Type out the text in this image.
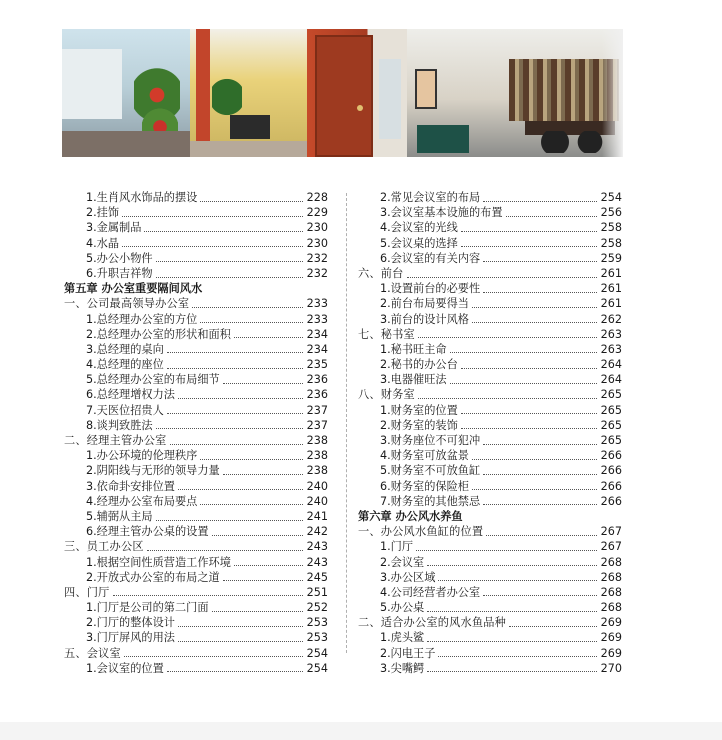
1.生肖风水饰品的摆设	228
2.挂饰	229
3.金属制品	230
4.水晶	230
5.办公小物件	232
6.升职吉祥物	232
第五章 办公室重要隔间风水
一、公司最高领导办公室	233
1.总经理办公室的方位	233
2.总经理办公室的形状和面积	234
3.总经理的桌向	234
4.总经理的座位	235
5.总经理办公室的布局细节	236
6.总经理增权力法	236
7.天医位招贵人	237
8.谈判致胜法	237
二、经理主管办公室	238
1.办公环境的伦理秩序	238
2.阴阳线与无形的领导力量	238
3.依命卦安排位置	240
4.经理办公室布局要点	240
5.辅弼从主局	241
6.经理主管办公桌的设置	242
三、员工办公区	243
1.根据空间性质营造工作环境	243
2.开放式办公室的布局之道	245
四、门厅	251
1.门厅是公司的第二门面	252
2.门厅的整体设计	253
3.门厅屏风的用法	253
五、会议室	254
1.会议室的位置	254
2.常见会议室的布局	254
3.会议室基本设施的布置	256
4.会议室的光线	258
5.会议桌的选择	258
6.会议室的有关内容	259
六、前台	261
1.设置前台的必要性	261
2.前台布局要得当	261
3.前台的设计风格	262
七、秘书室	263
1.秘书旺主命	263
2.秘书的办公台	264
3.电器催旺法	264
八、财务室	265
1.财务室的位置	265
2.财务室的装饰	265
3.财务座位不可犯冲	265
4.财务室可放盆景	266
5.财务室不可放鱼缸	266
6.财务室的保险柜	266
7.财务室的其他禁忌	266
第六章 办公风水养鱼
一、办公风水鱼缸的位置	267
1.门厅	267
2.会议室	268
3.办公区域	268
4.公司经营者办公室	268
5.办公桌	268
二、适合办公室的风水鱼品种	269
1.虎头鲨	269
2.闪电王子	269
3.尖嘴鳄	270
